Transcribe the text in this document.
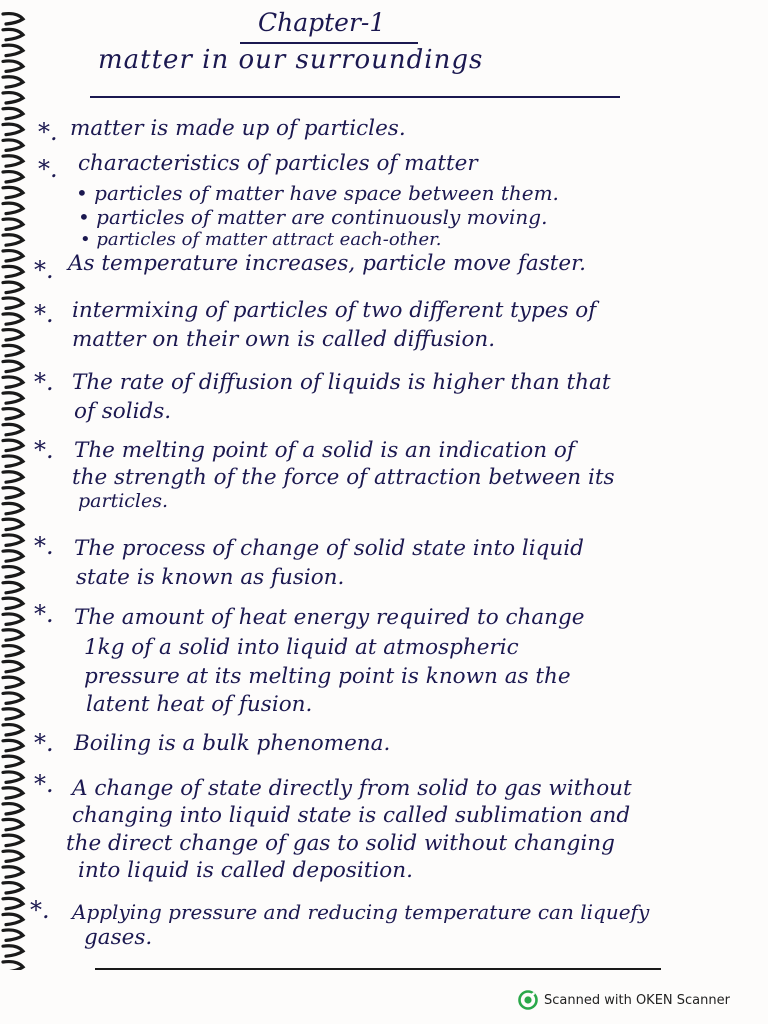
Chapter-1
matter in our surroundings
*. matter is made up of particles.
*. characteristics of particles of matter
• particles of matter have space between them.
• particles of matter are continuously moving.
• particles of matter attract each-other.
*. As temperature increases, particle move faster.
*. intermixing of particles of two different types of
matter on their own is called diffusion.
*. The rate of diffusion of liquids is higher than that
of solids.
*. The melting point of a solid is an indication of
the strength of the force of attraction between its
particles.
*. The process of change of solid state into liquid
state is known as fusion.
*. The amount of heat energy required to change
1kg of a solid into liquid at atmospheric
pressure at its melting point is known as the
latent heat of fusion.
*. Boiling is a bulk phenomena.
*. A change of state directly from solid to gas without
changing into liquid state is called sublimation and
the direct change of gas to solid without changing
into liquid is called deposition.
*. Applying pressure and reducing temperature can liquefy
gases.
Scanned with OKEN Scanner
